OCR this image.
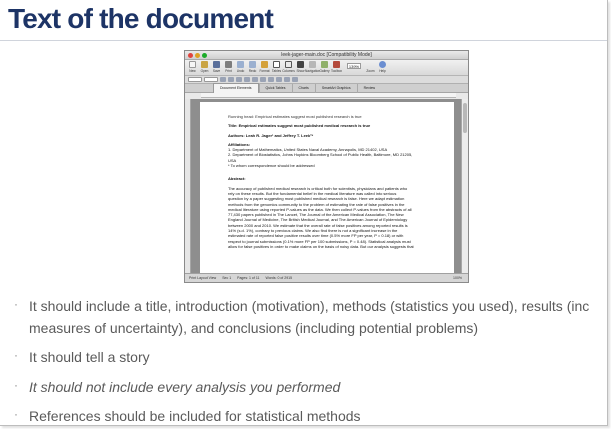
Text of the document
leek-jager-main.doc [Compatibility Mode]
New Open Save Print Undo Redo Format Tables Columns Show Navigation Gallery Toolbox
139%
Zoom Help
Document Elements	Quick Tables	Charts	SmartArt Graphics	Review

Running head: Empirical estimates suggest most published research is true

Title: Empirical estimates suggest most published medical research is true

Authors: Leah R. Jager¹ and Jeffrey T. Leek²*

Affiliations:

1. Department of Mathematics, United States Naval Academy, Annapolis, MD 21402, USA

2. Department of Biostatistics, Johns Hopkins Bloomberg School of Public Health, Baltimore, MD 21205,

USA

* To whom correspondence should be addressed

Abstract:

The accuracy of published medical research is critical both for scientists, physicians and patients who

rely on these results. But the fundamental belief in the medical literature was called into serious

question by a paper suggesting most published medical research is false. Here we adapt estimation

methods from the genomics community to the problem of estimating the rate of false positives in the

medical literature using reported P-values as the data. We then collect P-values from the abstracts of all

77,430 papers published in The Lancet, The Journal of the American Medical Association, The New

England Journal of Medicine, The British Medical Journal, and The American Journal of Epidemiology

between 2000 and 2010. We estimate that the overall rate of false positives among reported results is

14% (s.d. 1%), contrary to previous claims. We also find there is not a significant increase in the

estimated rate of reported false positive results over time (0.5% more FP per year, P = 0.18) or with

respect to journal submissions (0.1% more FP per 100 submissions, P = 0.48). Statistical analysis must

allow for false positives in order to make claims on the basis of noisy data. But our analysis suggests that

Print Layout View Sec 1 Pages: 1 of 11 Words: 0 of 2915	100%
· It should include a title, introduction (motivation), methods (statistics you used), results (inc
measures of uncertainty), and conclusions (including potential problems)
· It should tell a story
· It should not include every analysis you performed
· References should be included for statistical methods
